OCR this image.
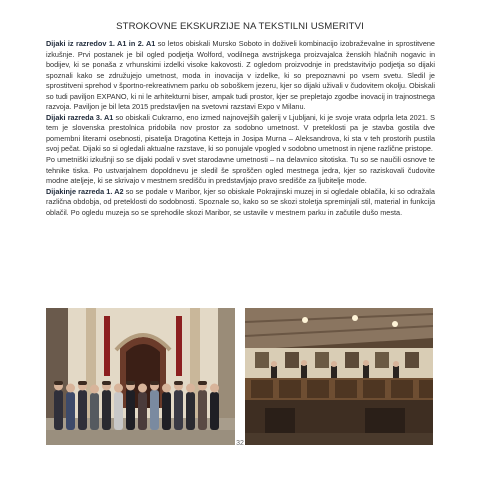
STROKOVNE EKSKURZIJE NA TEKSTILNI USMERITVI

Dijaki iz razredov 1. A1 in 2. A1 so letos obiskali Mursko Soboto in doživeli kombinacijo izobraževalne in sprostitvene izkušnje. Prvi postanek je bil ogled podjetja Wolford, vodilnega avstrijskega proizvajalca ženskih hlačnih nogavic in bodijev, ki se ponaša z vrhunskimi izdelki visoke kakovosti. Z ogledom proizvodnje in predstavitvijo podjetja so dijaki spoznali kako se združujejo umetnost, moda in inovacija v izdelke, ki so prepoznavni po vsem svetu. Sledil je sprostitveni sprehod v športno-rekreativnem parku ob soboškem jezeru, kjer so dijaki uživali v čudovitem okolju. Obiskali so tudi paviljon EXPANO, ki ni le arhitekturni biser, ampak tudi prostor, kjer se prepletajo zgodbe inovacij in trajnostnega razvoja. Paviljon je bil leta 2015 predstavljen na svetovni razstavi Expo v Milanu.

Dijaki razreda 3. A1 so obiskali Cukrarno, eno izmed najnovejših galerij v Ljubljani, ki je svoje vrata odprla leta 2021. S tem je slovenska prestolnica pridobila nov prostor za sodobno umetnost. V preteklosti pa je stavba gostila dve pomembni literarni osebnosti, pisatelja Dragotina Ketteja in Josipa Murna – Aleksandrova, ki sta v teh prostorih pustila svoj pečat. Dijaki so si ogledali aktualne razstave, ki so ponujale vpogled v sodobno umetnost in njene različne pristope.

Po umetniški izkušnji so se dijaki podali v svet starodavne umetnosti – na delavnico sitotiska. Tu so se naučili osnove te tehnike tiska. Po ustvarjalnem dopoldnevu je sledil še sproščen ogled mestnega jedra, kjer so raziskovali čudovite modne ateljeje, ki se skrivajo v mestnem središču in predstavljajo pravo središče za ljubitelje mode.

Dijakinje razreda 1. A2 so se podale v Maribor, kjer so obiskale Pokrajinski muzej in si ogledale oblačila, ki so odražala različna obdobja, od preteklosti do sodobnosti. Spoznale so, kako so se skozi stoletja spreminjali stil, material in funkcija oblačil. Po ogledu muzeja so se sprehodile skozi Maribor, se ustavile v mestnem parku in začutile dušo mesta.

32
